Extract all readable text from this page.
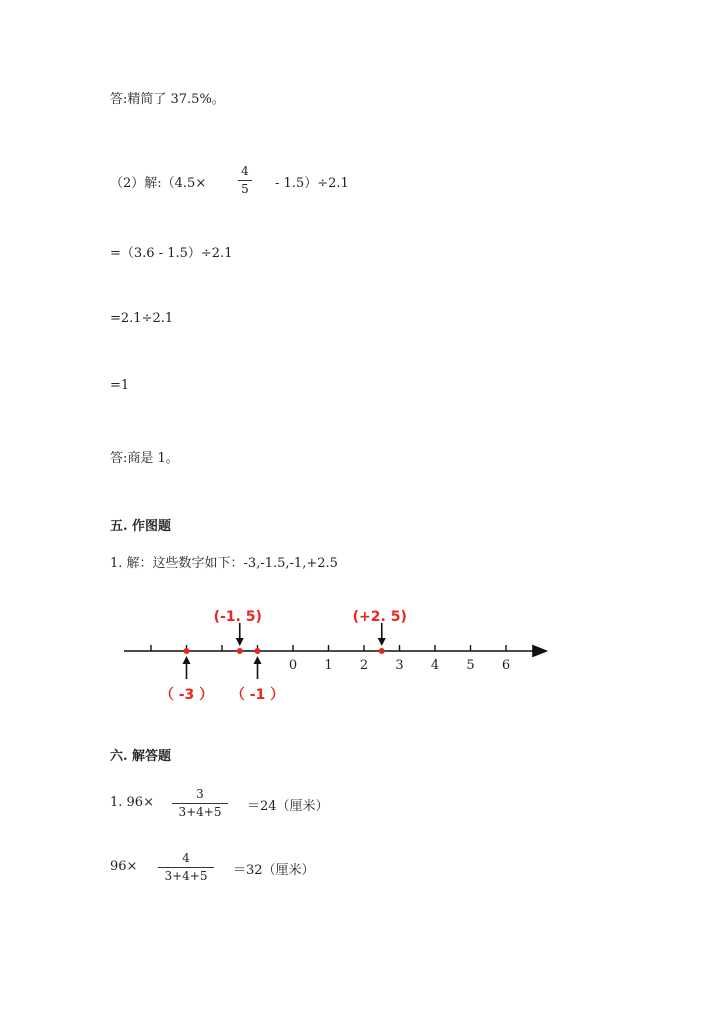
答:精简了 37.5%。
（2）解:（4.5×
4
5 - 1.5）÷2.1
=（3.6 - 1.5）÷2.1
=2.1÷2.1
=1
答:商是 1。
五. 作图题
1. 解：这些数字如下：-3,-1.5,-1,+2.5
0 1 2 3 4 5 6
（ -3 ）
(-1. 5)
（ -1 ）
(+2. 5)
六. 解答题
1. 96×
3
3+4+5 ＝24（厘米）
96×
4
3+4+5 ＝32（厘米）
